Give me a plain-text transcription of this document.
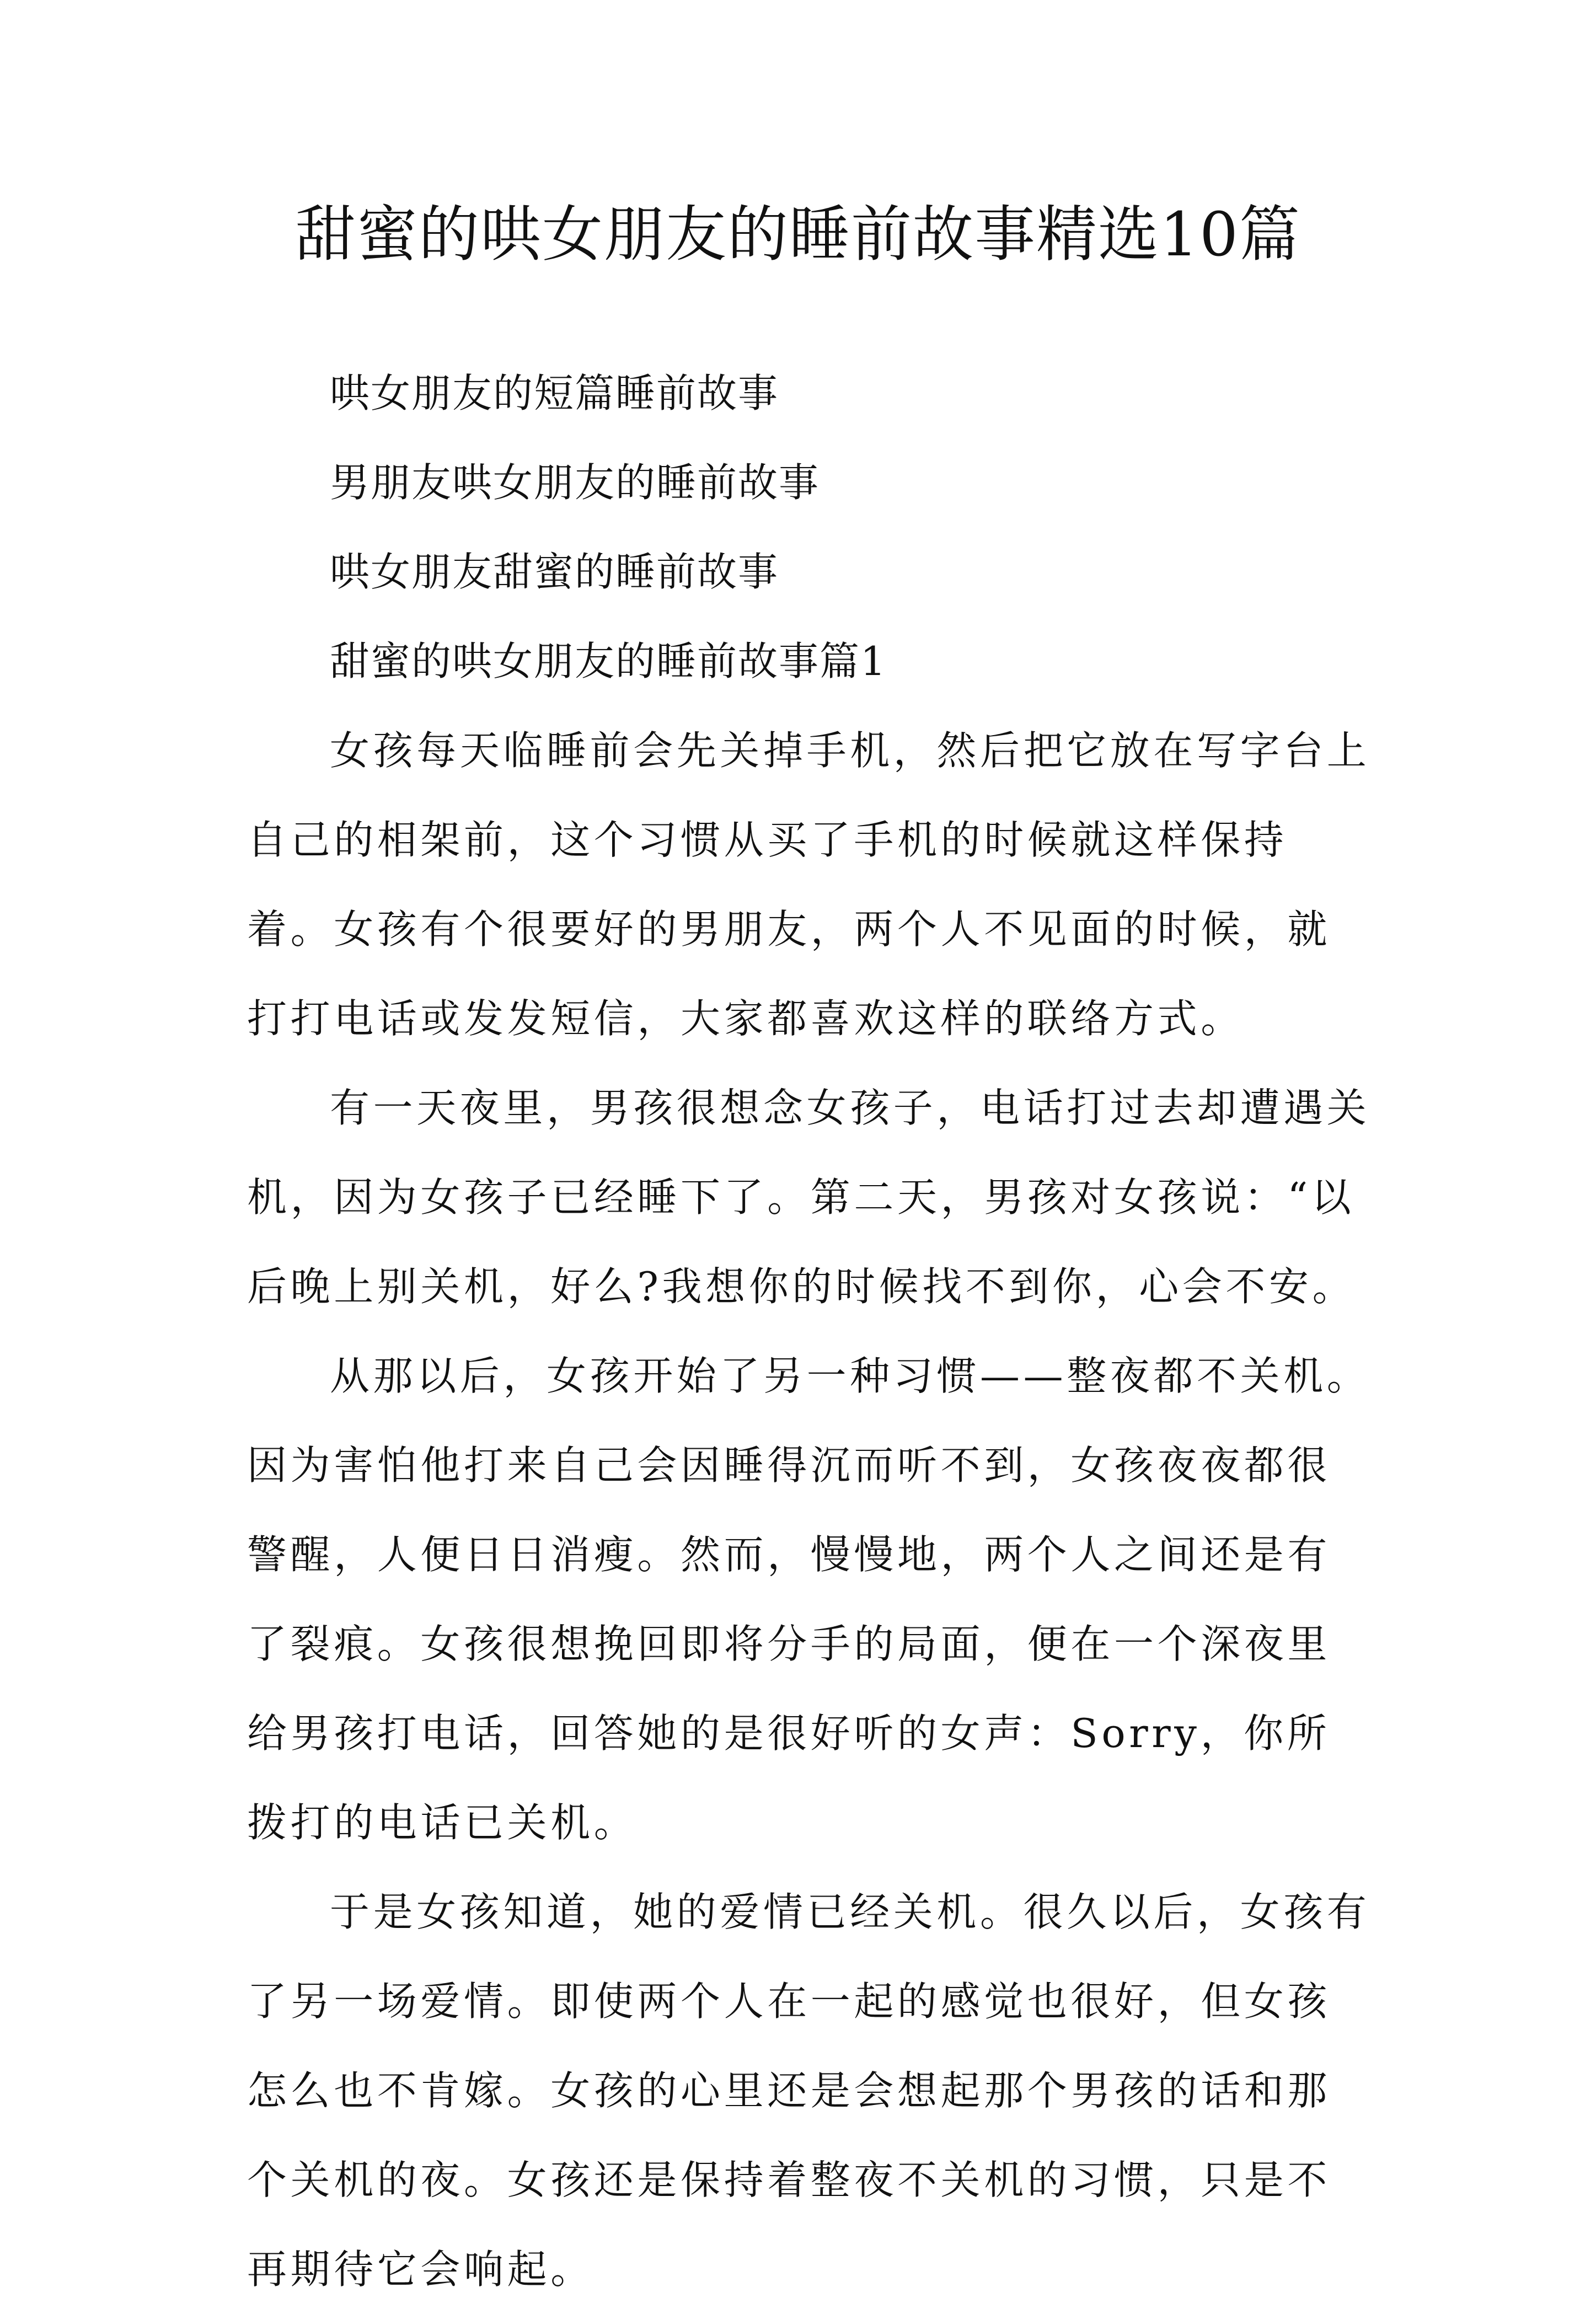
甜蜜的哄女朋友的睡前故事精选10篇

哄女朋友的短篇睡前故事

男朋友哄女朋友的睡前故事

哄女朋友甜蜜的睡前故事

甜蜜的哄女朋友的睡前故事篇1

女孩每天临睡前会先关掉手机，然后把它放在写字台上自己的相架前，这个习惯从买了手机的时候就这样保持着。女孩有个很要好的男朋友，两个人不见面的时候，就打打电话或发发短信，大家都喜欢这样的联络方式。

有一天夜里，男孩很想念女孩子，电话打过去却遭遇关机，因为女孩子已经睡下了。第二天，男孩对女孩说：“以后晚上别关机，好么?我想你的时候找不到你，心会不安。

从那以后，女孩开始了另一种习惯——整夜都不关机。因为害怕他打来自己会因睡得沉而听不到，女孩夜夜都很警醒，人便日日消瘦。然而，慢慢地，两个人之间还是有了裂痕。女孩很想挽回即将分手的局面，便在一个深夜里给男孩打电话，回答她的是很好听的女声：Sorry，你所拨打的电话已关机。

于是女孩知道，她的爱情已经关机。很久以后，女孩有了另一场爱情。即使两个人在一起的感觉也很好，但女孩怎么也不肯嫁。女孩的心里还是会想起那个男孩的话和那个关机的夜。女孩还是保持着整夜不关机的习惯，只是不再期待它会响起。
